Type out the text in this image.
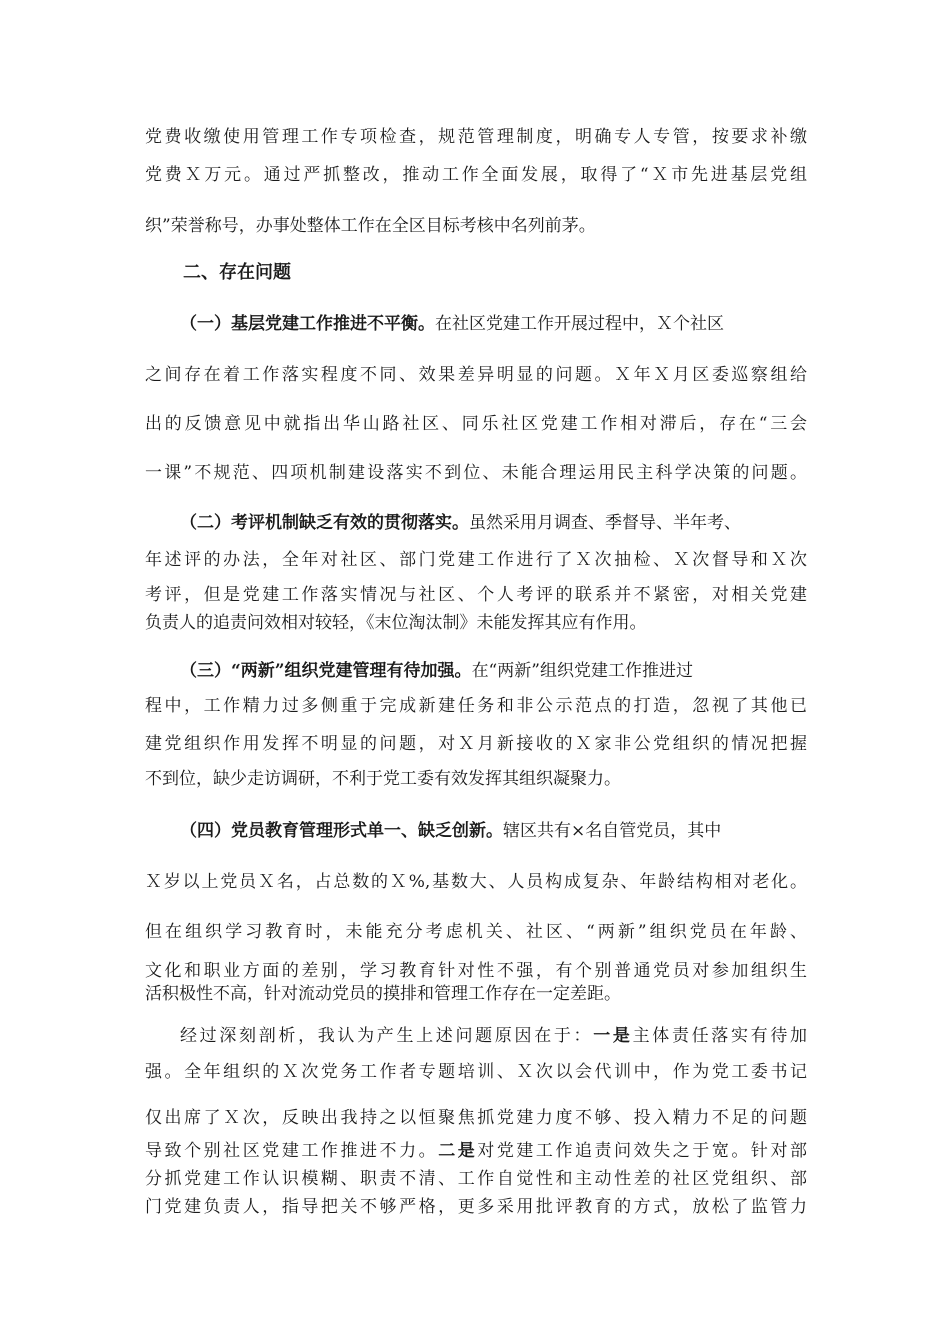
党费收缴使用管理工作专项检查，规范管理制度，明确专人专管，按要求补缴
党费Ｘ万元。通过严抓整改，推动工作全面发展，取得了“Ｘ市先进基层党组
织”荣誉称号，办事处整体工作在全区目标考核中名列前茅。
二、存在问题
（一）基层党建工作推进不平衡。在社区党建工作开展过程中，Ｘ个社区
之间存在着工作落实程度不同、效果差异明显的问题。Ｘ年Ｘ月区委巡察组给
出的反馈意见中就指出华山路社区、同乐社区党建工作相对滞后，存在“三会
一课”不规范、四项机制建设落实不到位、未能合理运用民主科学决策的问题。
（二）考评机制缺乏有效的贯彻落实。虽然采用月调查、季督导、半年考、
年述评的办法，全年对社区、部门党建工作进行了Ｘ次抽检、Ｘ次督导和Ｘ次
考评，但是党建工作落实情况与社区、个人考评的联系并不紧密，对相关党建
负责人的追责问效相对较轻，《末位淘汰制》未能发挥其应有作用。
（三）“两新”组织党建管理有待加强。在“两新”组织党建工作推进过
程中，工作精力过多侧重于完成新建任务和非公示范点的打造，忽视了其他已
建党组织作用发挥不明显的问题，对Ｘ月新接收的Ｘ家非公党组织的情况把握
不到位，缺少走访调研，不利于党工委有效发挥其组织凝聚力。
（四）党员教育管理形式单一、缺乏创新。辖区共有×名自管党员，其中
Ｘ岁以上党员Ｘ名，占总数的Ｘ%,基数大、人员构成复杂、年龄结构相对老化。
但在组织学习教育时，未能充分考虑机关、社区、“两新”组织党员在年龄、
文化和职业方面的差别，学习教育针对性不强，有个别普通党员对参加组织生
活积极性不高，针对流动党员的摸排和管理工作存在一定差距。
经过深刻剖析，我认为产生上述问题原因在于：一是主体责任落实有待加
强。全年组织的Ｘ次党务工作者专题培训、Ｘ次以会代训中，作为党工委书记
仅出席了Ｘ次，反映出我持之以恒聚焦抓党建力度不够、投入精力不足的问题
导致个别社区党建工作推进不力。二是对党建工作追责问效失之于宽。针对部
分抓党建工作认识模糊、职责不清、工作自觉性和主动性差的社区党组织、部
门党建负责人，指导把关不够严格，更多采用批评教育的方式，放松了监管力
